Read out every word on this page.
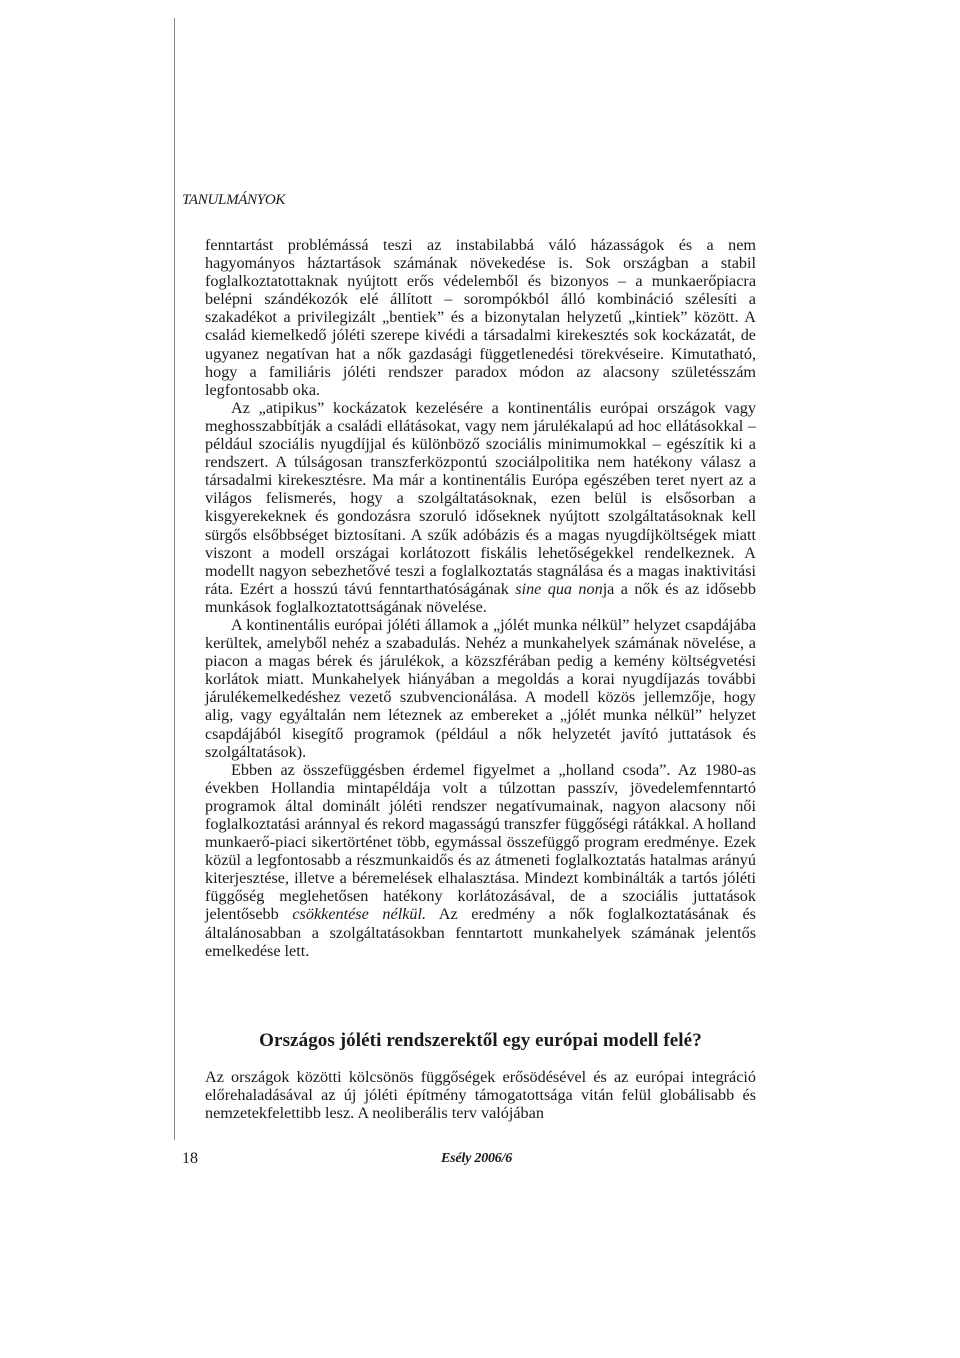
TANULMÁNYOK

fenntartást problémássá teszi az instabilabbá váló házasságok és a nem hagyományos háztartások számának növekedése is. Sok országban a stabil foglalkoztatottaknak nyújtott erős védelemből és bizonyos – a munkaerőpiacra belépni szándékozók elé állított – sorompókból álló kombináció szélesíti a szakadékot a privilegizált „bentiek” és a bizonytalan helyzetű „kintiek” között. A család kiemelkedő jóléti szerepe kivédi a társadalmi kirekesztés sok kockázatát, de ugyanez negatívan hat a nők gazdasági függetlenedési törekvéseire. Kimutatható, hogy a familiáris jóléti rendszer paradox módon az alacsony születésszám legfontosabb oka.

Az „atipikus” kockázatok kezelésére a kontinentális európai országok vagy meghosszabbítják a családi ellátásokat, vagy nem járulékalapú ad hoc ellátásokkal – például szociális nyugdíjjal és különböző szociális minimumokkal – egészítik ki a rendszert. A túlságosan transzferközpontú szociálpolitika nem hatékony válasz a társadalmi kirekesztésre. Ma már a kontinentális Európa egészében teret nyert az a világos felismerés, hogy a szolgáltatásoknak, ezen belül is elsősorban a kisgyerekeknek és gondozásra szoruló időseknek nyújtott szolgáltatásoknak kell sürgős elsőbbséget biztosítani. A szűk adóbázis és a magas nyugdíjköltségek miatt viszont a modell országai korlátozott fiskális lehetőségekkel rendelkeznek. A modellt nagyon sebezhetővé teszi a foglalkoztatás stagnálása és a magas inaktivitási ráta. Ezért a hosszú távú fenntarthatóságának sine qua nonja a nők és az idősebb munkások foglalkoztatottságának növelése.

A kontinentális európai jóléti államok a „jólét munka nélkül” helyzet csapdájába kerültek, amelyből nehéz a szabadulás. Nehéz a munkahelyek számának növelése, a piacon a magas bérek és járulékok, a közszférában pedig a kemény költségvetési korlátok miatt. Munkahelyek hiányában a megoldás a korai nyugdíjazás további járulékemelkedéshez vezető szubvencionálása. A modell közös jellemzője, hogy alig, vagy egyáltalán nem léteznek az embereket a „jólét munka nélkül” helyzet csapdájából kisegítő programok (például a nők helyzetét javító juttatások és szolgáltatások).

Ebben az összefüggésben érdemel figyelmet a „holland csoda”. Az 1980-as években Hollandia mintapéldája volt a túlzottan passzív, jövedelemfenntartó programok által dominált jóléti rendszer negatívumainak, nagyon alacsony női foglalkoztatási aránnyal és rekord magasságú transzfer függőségi rátákkal. A holland munkaerő-piaci sikertörténet több, egymással összefüggő program eredménye. Ezek közül a legfontosabb a részmunkaidős és az átmeneti foglalkoztatás hatalmas arányú kiterjesztése, illetve a béremelések elhalasztása. Mindezt kombinálták a tartós jóléti függőség meglehetősen hatékony korlátozásával, de a szociális juttatások jelentősebb csökkentése nélkül. Az eredmény a nők foglalkoztatásának és általánosabban a szolgáltatásokban fenntartott munkahelyek számának jelentős emelkedése lett.

Országos jóléti rendszerektől egy európai modell felé?

Az országok közötti kölcsönös függőségek erősödésével és az európai integráció előrehaladásával az új jóléti építmény támogatottsága vitán felül globálisabb és nemzetekfelettibb lesz. A neoliberális terv valójában

18	Esély 2006/6
